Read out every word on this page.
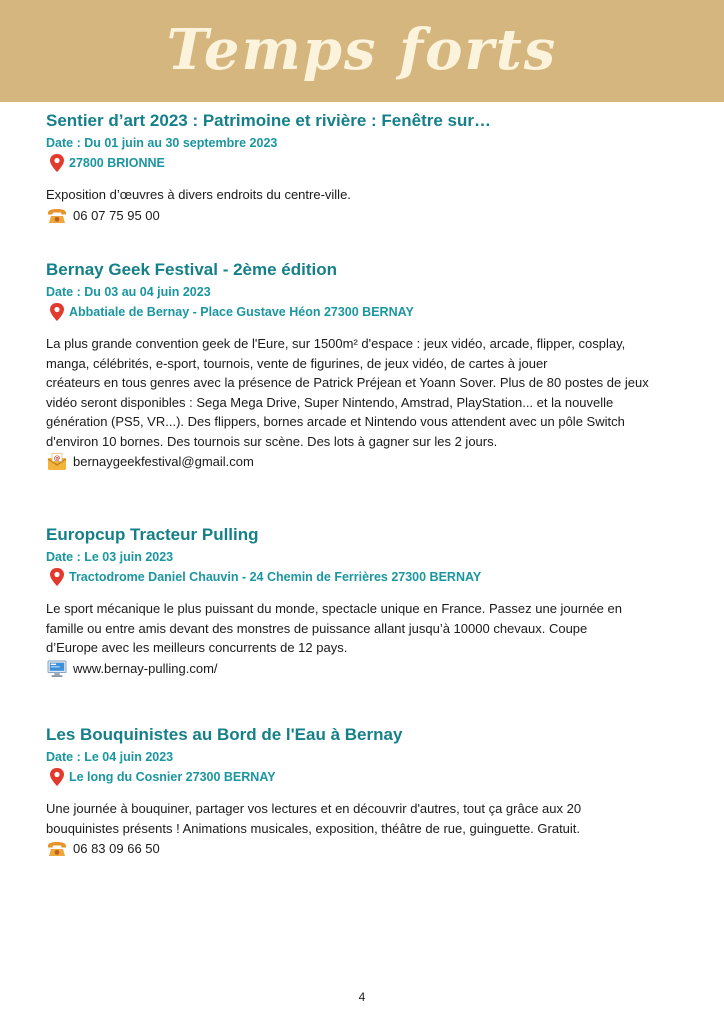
Temps forts
Sentier d’art 2023 : Patrimoine et rivière : Fenêtre sur…
Date : Du 01 juin au 30 septembre 2023
27800 BRIONNE
Exposition d’œuvres à divers endroits du centre-ville.
06 07 75 95 00
Bernay Geek Festival - 2ème édition
Date : Du 03 au 04 juin 2023
Abbatiale de Bernay - Place Gustave Héon 27300 BERNAY
La plus grande convention geek de l'Eure, sur 1500m² d'espace : jeux vidéo, arcade, flipper, cosplay,
manga, célébrités, e-sport, tournois, vente de figurines, de jeux vidéo, de cartes à jouer
créateurs en tous genres avec la présence de Patrick Préjean et Yoann Sover. Plus de 80 postes de jeux
vidéo seront disponibles : Sega Mega Drive, Super Nintendo, Amstrad, PlayStation... et la nouvelle
génération (PS5, VR...). Des flippers, bornes arcade et Nintendo vous attendent avec un pôle Switch
d'environ 10 bornes. Des tournois sur scène. Des lots à gagner sur les 2 jours.
@ bernaygeekfestival@gmail.com
Europcup Tracteur Pulling
Date : Le 03 juin 2023
Tractodrome Daniel Chauvin - 24 Chemin de Ferrières 27300 BERNAY
Le sport mécanique le plus puissant du monde, spectacle unique en France. Passez une journée en
famille ou entre amis devant des monstres de puissance allant jusqu’à 10000 chevaux. Coupe
d’Europe avec les meilleurs concurrents de 12 pays.
www.bernay-pulling.com/
Les Bouquinistes au Bord de l'Eau à Bernay
Date : Le 04 juin 2023
Le long du Cosnier 27300 BERNAY
Une journée à bouquiner, partager vos lectures et en découvrir d'autres, tout ça grâce aux 20
bouquinistes présents ! Animations musicales, exposition, théâtre de rue, guinguette. Gratuit.
06 83 09 66 50
4
